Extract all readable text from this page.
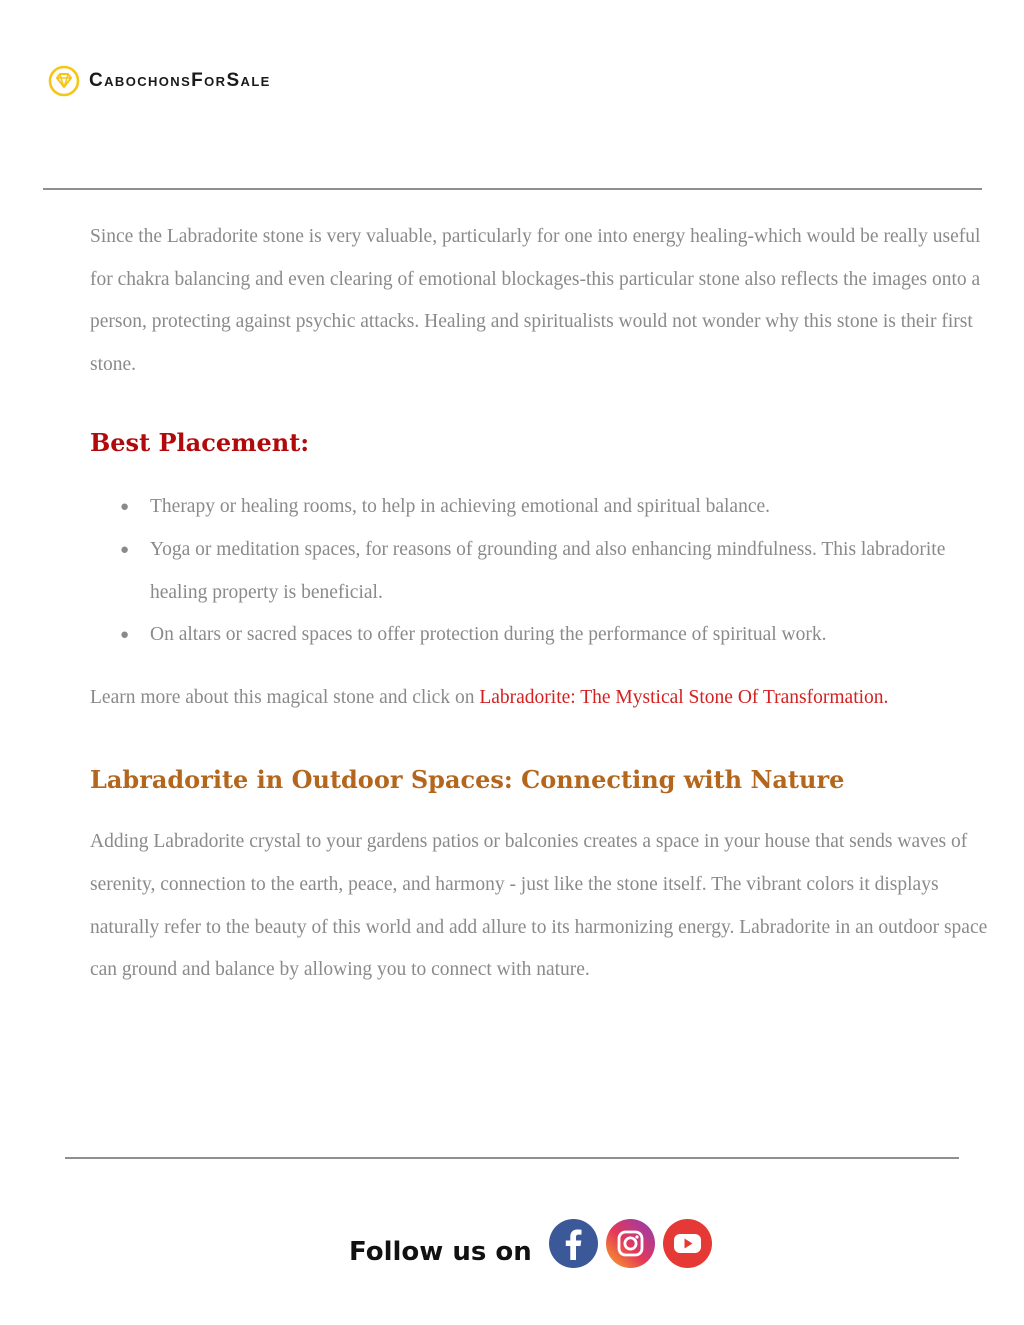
CabochonsForSale

Since the Labradorite stone is very valuable, particularly for one into energy healing-which would be really useful for chakra balancing and even clearing of emotional blockages-this particular stone also reflects the images onto a person, protecting against psychic attacks. Healing and spiritualists would not wonder why this stone is their first stone.

Best Placement:
● Therapy or healing rooms, to help in achieving emotional and spiritual balance.
● Yoga or meditation spaces, for reasons of grounding and also enhancing mindfulness. This labradorite healing property is beneficial.
● On altars or sacred spaces to offer protection during the performance of spiritual work.

Learn more about this magical stone and click on Labradorite: The Mystical Stone Of Transformation.

Labradorite in Outdoor Spaces: Connecting with Nature

Adding Labradorite crystal to your gardens patios or balconies creates a space in your house that sends waves of serenity, connection to the earth, peace, and harmony - just like the stone itself. The vibrant colors it displays naturally refer to the beauty of this world and add allure to its harmonizing energy. Labradorite in an outdoor space can ground and balance by allowing you to connect with nature.

Follow us on
